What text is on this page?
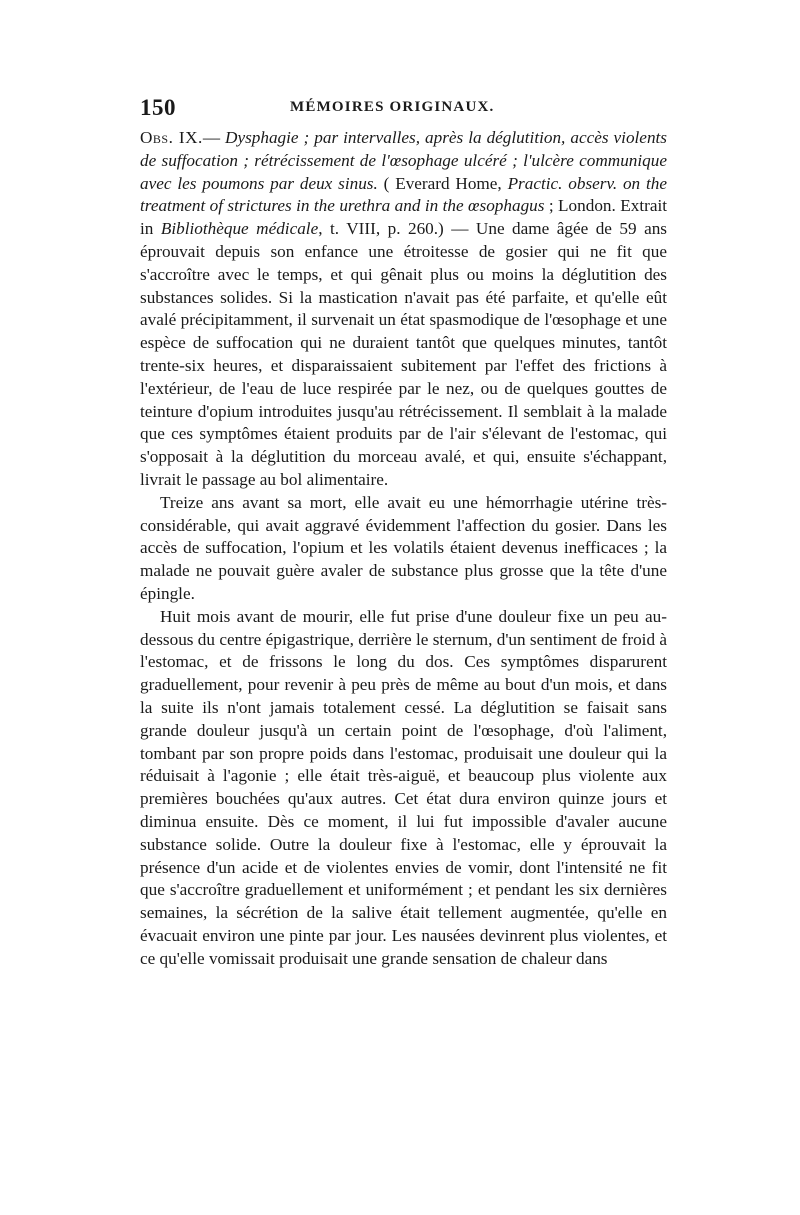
150	MÉMOIRES ORIGINAUX.

Obs. IX.— Dysphagie ; par intervalles, après la déglutition, accès violents de suffocation ; rétrécissement de l'œsophage ulcéré ; l'ulcère communique avec les poumons par deux sinus. ( Everard Home, Practic. observ. on the treatment of strictures in the urethra and in the œsophagus ; London. Extrait in Bibliothèque médicale, t. VIII, p. 260.) — Une dame âgée de 59 ans éprouvait depuis son enfance une étroitesse de gosier qui ne fit que s'accroître avec le temps, et qui gênait plus ou moins la déglutition des substances solides. Si la mastication n'avait pas été parfaite, et qu'elle eût avalé précipitamment, il survenait un état spasmodique de l'œsophage et une espèce de suffocation qui ne duraient tantôt que quelques minutes, tantôt trente-six heures, et disparaissaient subitement par l'effet des frictions à l'extérieur, de l'eau de luce respirée par le nez, ou de quelques gouttes de teinture d'opium introduites jusqu'au rétrécissement. Il semblait à la malade que ces symptômes étaient produits par de l'air s'élevant de l'estomac, qui s'opposait à la déglutition du morceau avalé, et qui, ensuite s'échappant, livrait le passage au bol alimentaire.

Treize ans avant sa mort, elle avait eu une hémorrhagie utérine très-considérable, qui avait aggravé évidemment l'affection du gosier. Dans les accès de suffocation, l'opium et les volatils étaient devenus inefficaces ; la malade ne pouvait guère avaler de substance plus grosse que la tête d'une épingle.

Huit mois avant de mourir, elle fut prise d'une douleur fixe un peu au-dessous du centre épigastrique, derrière le sternum, d'un sentiment de froid à l'estomac, et de frissons le long du dos. Ces symptômes disparurent graduellement, pour revenir à peu près de même au bout d'un mois, et dans la suite ils n'ont jamais totalement cessé. La déglutition se faisait sans grande douleur jusqu'à un certain point de l'œsophage, d'où l'aliment, tombant par son propre poids dans l'estomac, produisait une douleur qui la réduisait à l'agonie ; elle était très-aiguë, et beaucoup plus violente aux premières bouchées qu'aux autres. Cet état dura environ quinze jours et diminua ensuite. Dès ce moment, il lui fut impossible d'avaler aucune substance solide. Outre la douleur fixe à l'estomac, elle y éprouvait la présence d'un acide et de violentes envies de vomir, dont l'intensité ne fit que s'accroître graduellement et uniformément ; et pendant les six dernières semaines, la sécrétion de la salive était tellement augmentée, qu'elle en évacuait environ une pinte par jour. Les nausées devinrent plus violentes, et ce qu'elle vomissait produisait une grande sensation de chaleur dans
